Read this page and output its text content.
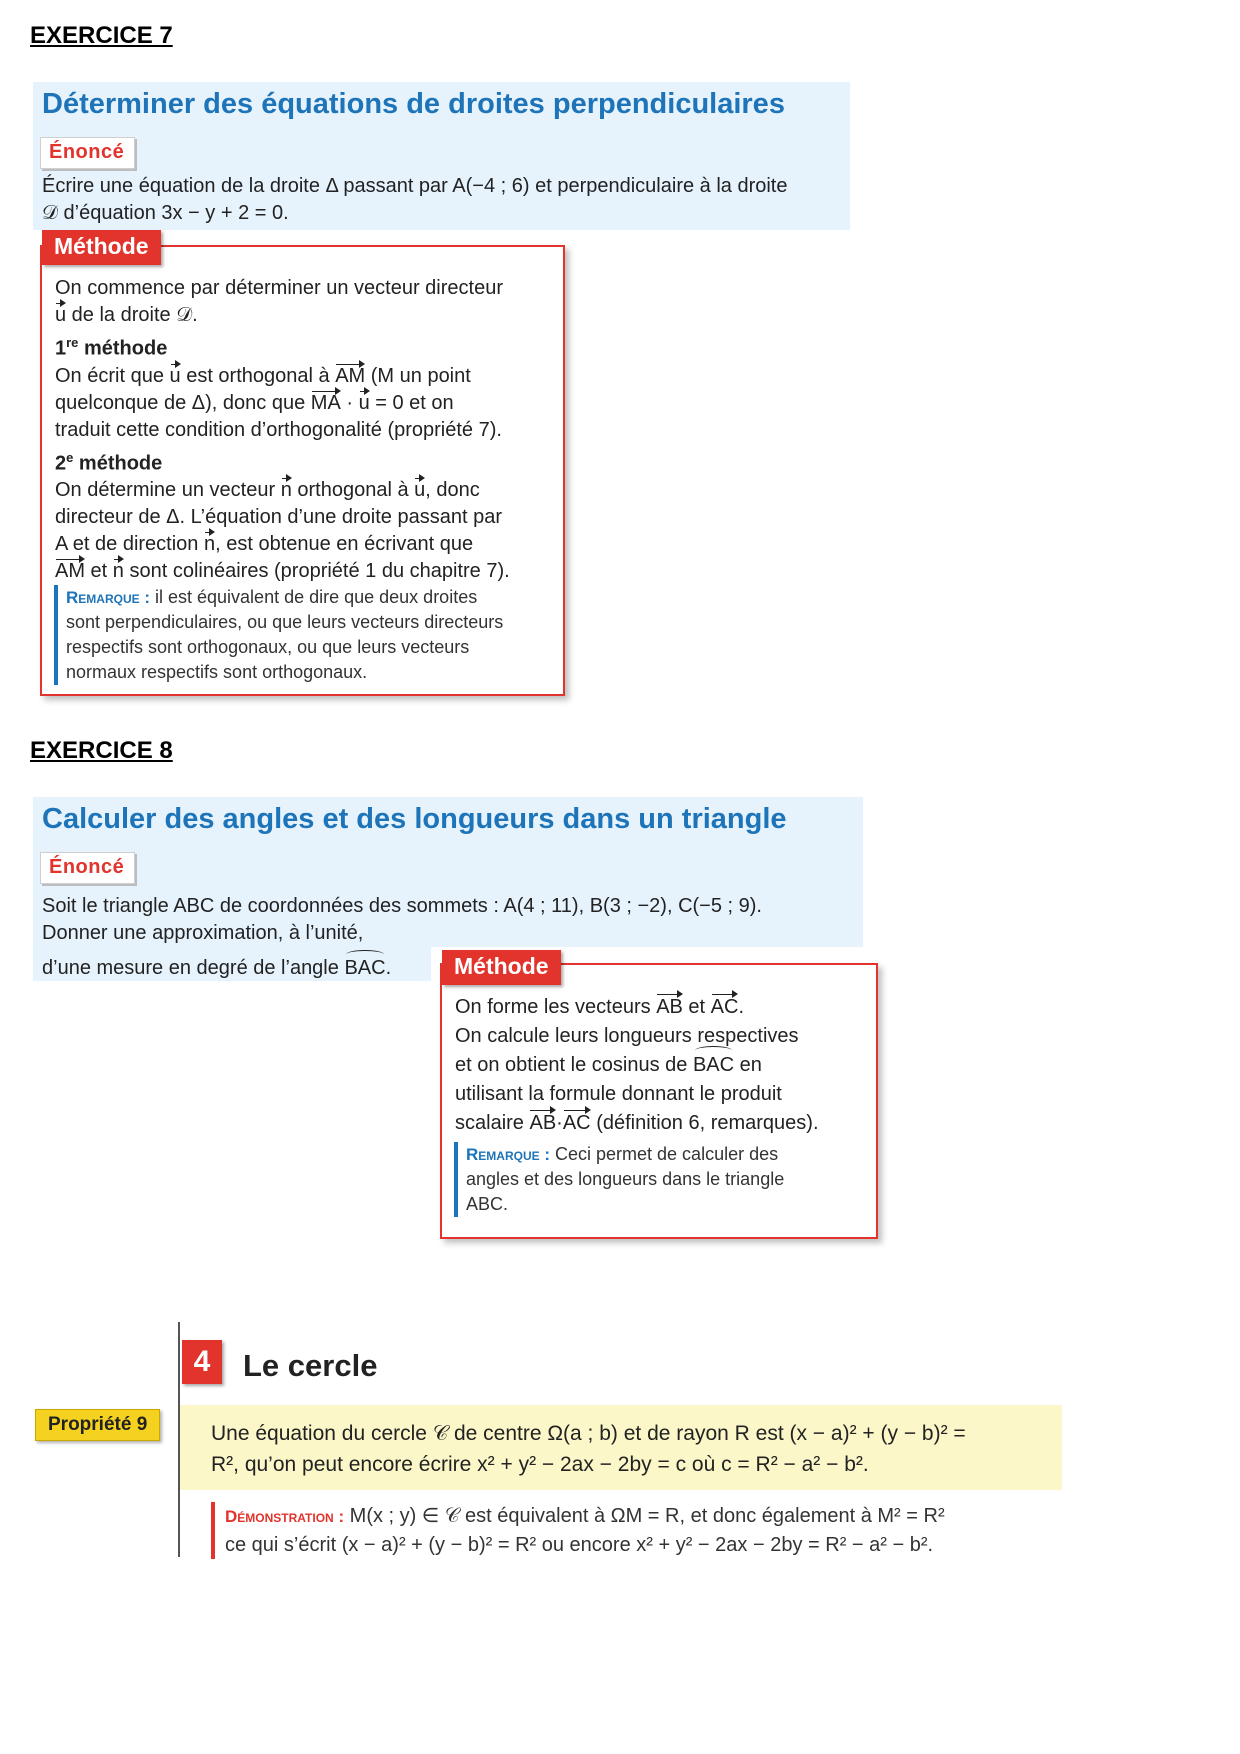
EXERCICE 7
Déterminer des équations de droites perpendiculaires
Énoncé
Écrire une équation de la droite Δ passant par A(−4 ; 6) et perpendiculaire à la droite
𝒟 d’équation 3x − y + 2 = 0.
Méthode
On commence par déterminer un vecteur directeur
u de la droite 𝒟.
1re méthode
On écrit que u est orthogonal à AM (M un point
quelconque de Δ), donc que MA · u = 0 et on
traduit cette condition d’orthogonalité (propriété 7).
2e méthode
On détermine un vecteur n orthogonal à u, donc
directeur de Δ. L’équation d’une droite passant par
A et de direction n, est obtenue en écrivant que
AM et n sont colinéaires (propriété 1 du chapitre 7).
Remarque : il est équivalent de dire que deux droites
sont perpendiculaires, ou que leurs vecteurs directeurs
respectifs sont orthogonaux, ou que leurs vecteurs
normaux respectifs sont orthogonaux.
EXERCICE 8
Calculer des angles et des longueurs dans un triangle
Énoncé
Soit le triangle ABC de coordonnées des sommets : A(4 ; 11), B(3 ; −2), C(−5 ; 9).
Donner une approximation, à l’unité,
d’une mesure en degré de l’angle BAC.	Méthode
On forme les vecteurs AB et AC.
On calcule leurs longueurs respectives
et on obtient le cosinus de BAC en
utilisant la formule donnant le produit
scalaire AB·AC (définition 6, remarques).
Remarque : Ceci permet de calculer des
angles et des longueurs dans le triangle
ABC.
4	Le cercle
Propriété 9	Une équation du cercle 𝒞 de centre Ω(a ; b) et de rayon R est (x − a)² + (y − b)² =
R², qu’on peut encore écrire x² + y² − 2ax − 2by = c où c = R² − a² − b².
Démonstration : M(x ; y) ∈ 𝒞 est équivalent à ΩM = R, et donc également à M² = R²
ce qui s’écrit (x − a)² + (y − b)² = R² ou encore x² + y² − 2ax − 2by = R² − a² − b².
